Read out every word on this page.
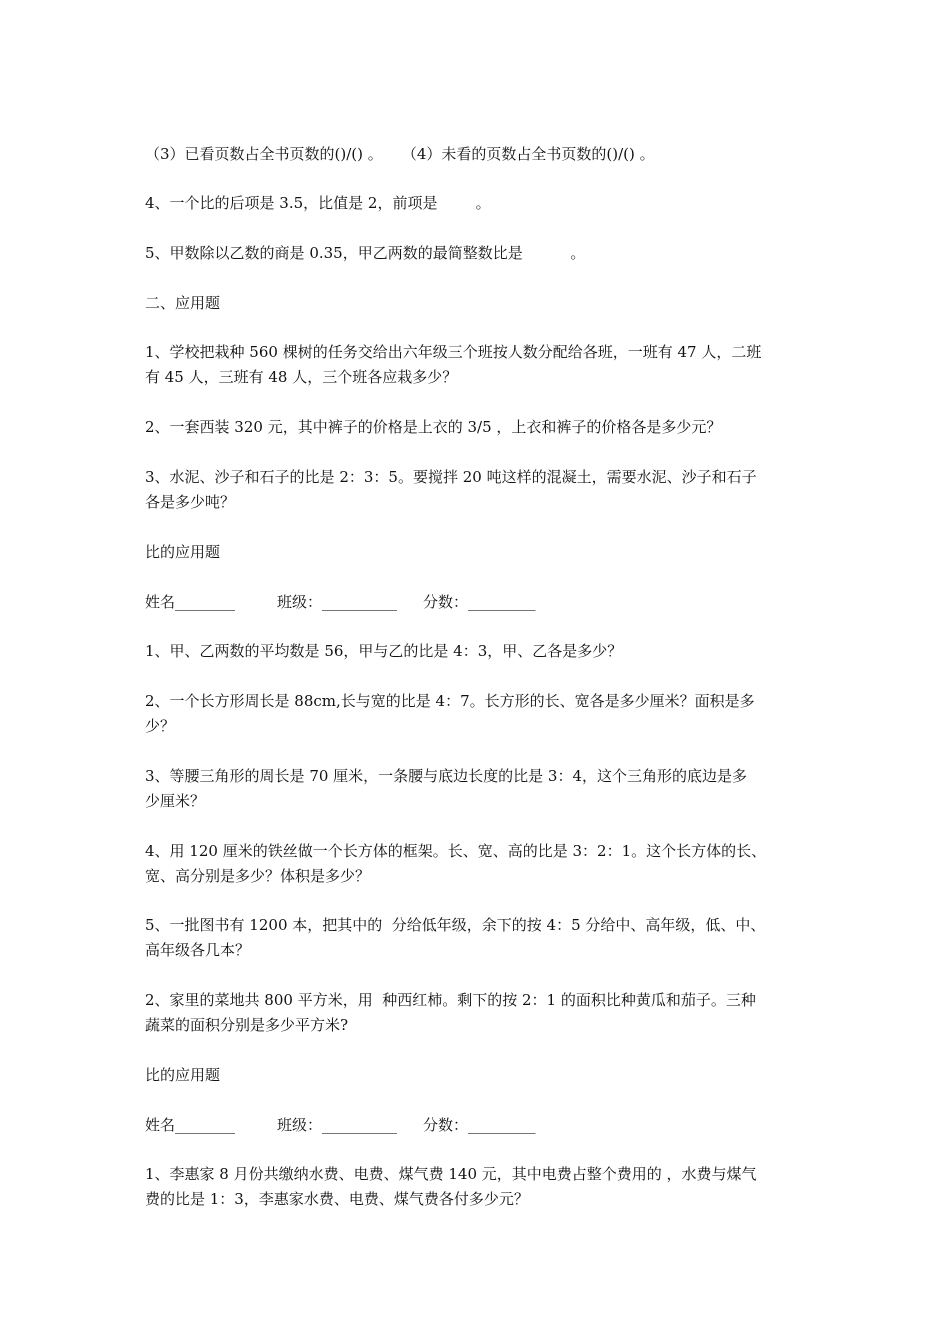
（3）已看页数占全书页数的()/() 。    （4）未看的页数占全书页数的()/() 。

4、一个比的后项是 3.5，比值是 2，前项是        。

5、甲数除以乙数的商是 0.35，甲乙两数的最简整数比是          。

二、应用题

1、学校把栽种 560 棵树的任务交给出六年级三个班按人数分配给各班，一班有 47 人，二班

有 45 人，三班有 48 人，三个班各应栽多少？

2、一套西装 320 元，其中裤子的价格是上衣的 3/5 ，上衣和裤子的价格各是多少元？

3、水泥、沙子和石子的比是 2：3：5。要搅拌 20 吨这样的混凝土，需要水泥、沙子和石子

各是多少吨？

比的应用题

姓名________	班级：__________ 分数：_________

1、甲、乙两数的平均数是 56，甲与乙的比是 4：3，甲、乙各是多少？

2、一个长方形周长是 88cm,长与宽的比是 4：7。长方形的长、宽各是多少厘米？面积是多

少？

3、等腰三角形的周长是 70 厘米，一条腰与底边长度的比是 3：4，这个三角形的底边是多

少厘米？

4、用 120 厘米的铁丝做一个长方体的框架。长、宽、高的比是 3：2：1。这个长方体的长、

宽、高分别是多少？体积是多少？

5、一批图书有 1200 本，把其中的  分给低年级，余下的按 4：5 分给中、高年级，低、中、

高年级各几本？

2、家里的菜地共 800 平方米，用  种西红柿。剩下的按 2：1 的面积比种黄瓜和茄子。三种

蔬菜的面积分别是多少平方米?

比的应用题

姓名________	班级：__________ 分数：_________

1、李惠家 8 月份共缴纳水费、电费、煤气费 140 元，其中电费占整个费用的 ，水费与煤气

费的比是 1：3，李惠家水费、电费、煤气费各付多少元？
